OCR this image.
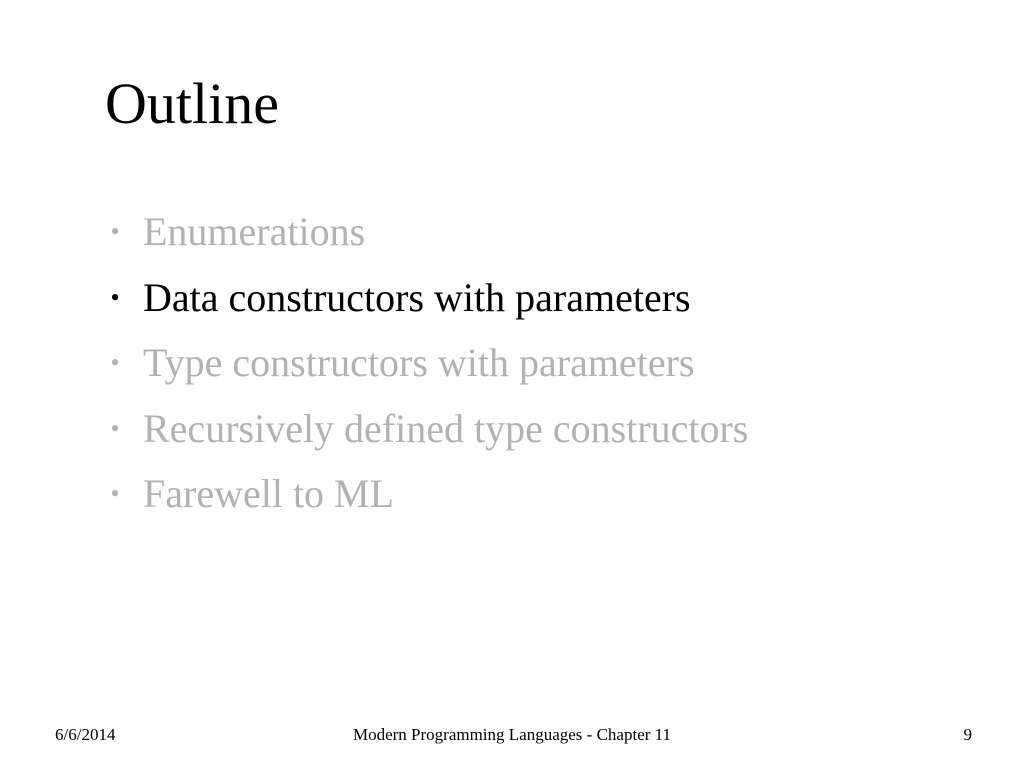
Outline
• Enumerations
• Data constructors with parameters
• Type constructors with parameters
• Recursively defined type constructors
• Farewell to ML
6/6/2014	Modern Programming Languages - Chapter 11	9
